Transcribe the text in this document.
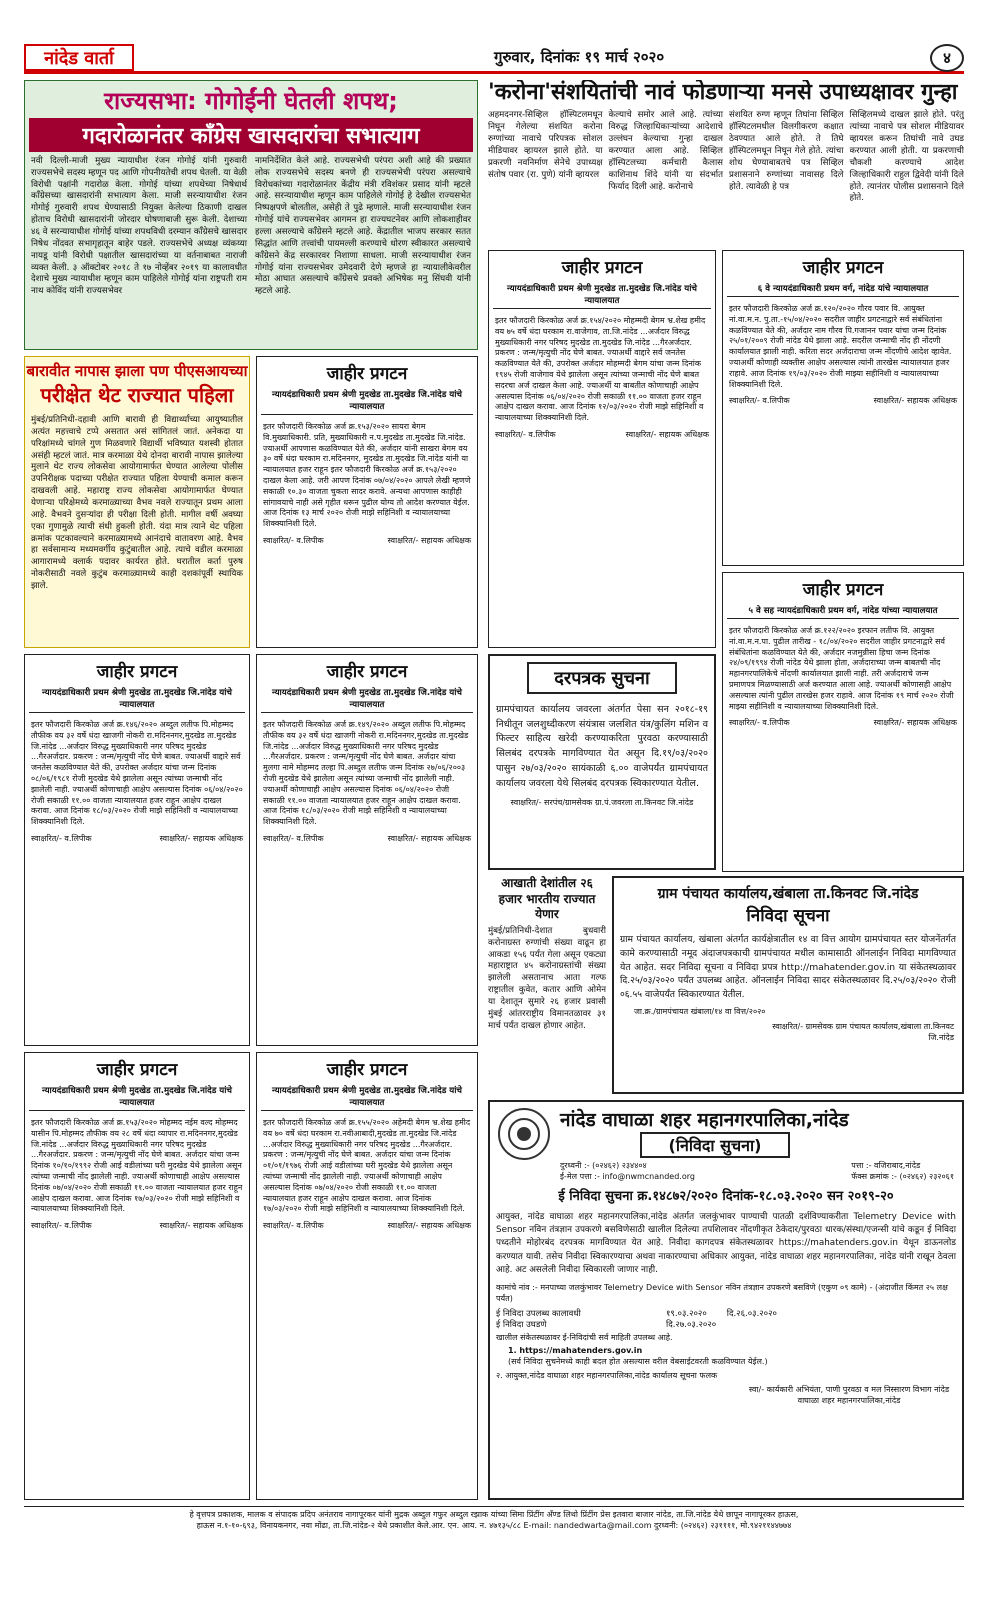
नांदेड वार्ता	गुरुवार, दिनांकः १९ मार्च २०२०	४
राज्यसभा: गोगोईंनी घेतली शपथ;
गदारोळानंतर काँग्रेस खासदारांचा सभात्याग

नवी दिल्ली-माजी मुख्य न्यायाधीश रंजन गोगोई यांनी गुरुवारी राज्यसभेचे सदस्य म्हणून पद आणि गोपनीयतेची शपथ घेतली. या वेळी विरोधी पक्षांनी गदारोळ केला. गोगोई यांच्या शपथेच्या निषेधार्थ काँग्रेसच्या खासदारांनी सभात्याग केला. माजी सरन्यायाधीश रंजन गोगोई गुरुवारी शपथ घेण्यासाठी नियुक्त केलेल्या ठिकाणी दाखल होताच विरोधी खासदारांनी जोरदार घोषणाबाजी सुरू केली. देशाच्या ४६ वे सरन्यायाधीश गोगोई यांच्या शपथविधी दरम्यान काँग्रेसचे खासदार निषेध नोंदवत सभागृहातून बाहेर पडले. राज्यसभेचे अध्यक्ष व्यंकय्या नायडू यांनी विरोधी पक्षातील खासदारांच्या या वर्तनाबाबत नाराजी व्यक्त केली. ३ ऑक्टोबर २०१८ ते १७ नोव्हेंबर २०१९ या कालावधीत देशाचे मुख्य न्यायाधीश म्हणून काम पाहिलेले गोगोई यांना राष्ट्रपती राम नाथ कोविंद यांनी राज्यसभेवर

नामनिर्देशित केले आहे. राज्यसभेची परंपरा अशी आहे की प्रख्यात लोक राज्यसभेचे सदस्य बनणे ही राज्यसभेची परंपरा असल्याचे विरोधकांच्या गदारोळानंतर केंद्रीय मंत्री रविशंकर प्रसाद यांनी म्हटले आहे. सरन्यायाधीश म्हणून काम पाहिलेले गोगोई हे देखील राज्यसभेत निष्पक्षपणे बोलतील, असेही ते पुढे म्हणाले. माजी सरन्यायाधीश रंजन गोगोई यांचे राज्यसभेवर आगमन हा राज्यघटनेवर आणि लोकशाहीवर हल्ला असल्याचे काँग्रेसने म्हटले आहे. केंद्रातील भाजप सरकार सतत सिद्धांत आणि तत्त्वांची पायमल्ली करण्याचे धोरण स्वीकारत असल्याचे काँग्रेसने केंद्र सरकारवर निशाणा साधला. माजी सरन्यायाधीश रंजन गोगोई यांना राज्यसभेवर उमेदवारी देणे म्हणजे हा न्यायालीकेवरील मोठा आघात असल्याचे काँग्रेसचे प्रवक्ते अभिषेक मनु सिंघवी यांनी म्हटले आहे.

'करोना'संशयितांची नावं फोडणाऱ्या मनसे उपाध्यक्षावर गुन्हा

अहमदनगर-सिव्हिल हॉस्पिटलमधून निघून गेलेल्या संशयित करोना रुग्णांच्या नावाचे परिपत्रक सोशल मीडियावर व्हायरल झाले होते. या प्रकरणी नवनिर्माण सेनेचे उपाध्यक्ष संतोष पवार (रा. पुणे) यांनी व्हायरल

केल्याचे समोर आले आहे. त्यांच्या विरुद्ध जिल्हाधिकाऱ्यांच्या आदेशाचे उल्लंघन केल्याचा गुन्हा दाखल करण्यात आला आहे. सिव्हिल हॉस्पिटलच्या कर्मचारी कैलास काशिनाथ शिंदे यांनी या संदर्भात फिर्याद दिली आहे. करोनाचे

संशयित रुग्ण म्हणून तिघांना सिव्हिल हॉस्पिटलमधील विलगीकरण कक्षात ठेवण्यात आले होते. ते तिघे हॉस्पिटलमधून निघून गेले होते. त्यांचा शोध घेण्याबाबतचे पत्र सिव्हिल प्रशासनाने रुग्णांच्या नावासह दिले होते. त्यावेळी हे पत्र

सिव्हिलमध्ये दाखल झाले होते. परंतु त्यांच्या नावाचे पत्र सोशल मीडियावर व्हायरल करून तिघांची नावे उघड करण्यात आली होती. या प्रकरणाची चौकशी करण्याचे आदेश जिल्हाधिकारी राहुल द्विवेदी यांनी दिले होते. त्यानंतर पोलीस प्रशासनाने दिले होते.

बारावीत नापास झाला पण पीएसआयच्या
परीक्षेत थेट राज्यात पहिला

मुंबई/प्रतिनिधी-दहावी आणि बारावी ही विद्यार्थ्यांच्या आयुष्यातील अत्यंत महत्त्वाचे टप्पे असतात असं सांगितलं जातं. अनेकदा या परिक्षांमध्ये चांगले गुण मिळवणारे विद्यार्थी भविष्यात यशस्वी होतात असंही म्हटलं जातं. मात्र करमाळा येथे दोनदा बारावी नापास झालेल्या मुलाने थेट राज्य लोकसेवा आयोगामार्फत घेण्यात आलेल्या पोलीस उपनिरीक्षक पदाच्या परीक्षेत राज्यात पहिला येण्याची कमाल करून दाखवली आहे. महाराष्ट्र राज्य लोकसेवा आयोगामार्फत घेण्यात येणाऱ्या परिक्षेमध्ये करमाळ्याच्या वैभव नवले राज्यातून प्रथम आला आहे. वैभवने दुसऱ्यांदा ही परीक्षा दिली होती. मागील वर्षी अवघ्या एका गुणामुळे त्याची संधी हुकली होती. यंदा मात्र त्याने थेट पहिला क्रमांक पटकावल्याने करमाळ्यामध्ये आनंदाचे वातावरण आहे. वैभव हा सर्वसामान्य मध्यमवर्गीय कुटुंबातील आहे. त्याचे वडील करमाळा आगारामध्ये क्लार्क पदावर कार्यरत होते. घरातील कर्ता पुरुष नोकरीसाठी नवले कुटुंब करमाळ्यामध्ये काही दशकांपूर्वी स्थायिक झाले.

जाहीर प्रगटन
न्यायदंडाधिकारी प्रथम श्रेणी मुदखेड ता.मुदखेड जि.नांदेड यांचे न्यायालयात

इतर फौजदारी किरकोळ अर्ज क्र.१५३/२०२० सायरा बेगम वि.मुख्याधिकारी. प्रति, मुख्याधिकारी न.प.मुदखेड ता.मुदखेड जि.नांदेड. ज्याअर्थी आपणास कळविण्यात येते की, अर्जदार यांनी साखरा बेगम वय ३० वर्षे धंदा घरकाम रा.मदिननगर, मुदखेड ता.मुदखेड जि.नांदेड यांनी या न्यायालयात हजर राहून इतर फौजदारी किरकोळ अर्ज क्र.१५३/२०२० दाखल केला आहे. जरी आपण दिनांक ०७/०४/२०२० आपले लेखी म्हणणे सकाळी १०.३० वाजता चुकता सादर करावे. अन्यथा आपणास काहीही सांगावयाचे नाही असे गृहीत धरून पुढील योग्य तो आदेश करण्यात येईल. आज दिनांक १३ मार्च २०२० रोजी माझे सहिनिशी व न्यायालयाच्या शिक्क्यानिशी दिले.

स्वाक्षरित/- व.लिपीक	स्वाक्षरित/- सहायक अधिक्षक
जाहीर प्रगटन
न्यायदंडाधिकारी प्रथम श्रेणी मुदखेड ता.मुदखेड जि.नांदेड यांचे न्यायालयात

इतर फौजदारी किरकोळ अर्ज क्र.१५४/२०२० मोहम्मदी बेगम भ्र.शेख हमीद वय ७५ वर्षे धंदा घरकाम रा.वाजेगाव, ता.जि.नांदेड ...अर्जदार विरुद्ध मुख्याधिकारी नगर परिषद मुदखेड ता.मुदखेड जि.नांदेड ...गैरअर्जदार. प्रकरण : जन्म/मृत्युची नोंद घेणे बाबत. ज्याअर्थी वाद्दारे सर्व जनतेस कळविण्यात येते की, उपरोक्त अर्जदार मोहम्मदी बेगम यांचा जन्म दिनांक १९४५ रोजी वाजेगाव येथे झालेला असून त्यांच्या जन्माची नोंद घेणे बाबत सदरचा अर्ज दाखल केला आहे. ज्याअर्थी या बाबतीत कोणाचाही आक्षेप असल्यास दिनांक ०६/०४/२०२० रोजी सकाळी ११.०० वाजता हजर राहून आक्षेप दाखल करावा. आज दिनांक १२/०३/२०२० रोजी माझे सहिनिशी व न्यायालयाच्या शिक्क्यानिशी दिले.

स्वाक्षरित/- व.लिपीक	स्वाक्षरित/- सहायक अधिक्षक
जाहीर प्रगटन
६ वे न्यायदंडाधिकारी प्रथम वर्ग, नांदेड यांचे न्यायालयात

इतर फौजदारी किरकोळ अर्ज क्र.१२०/२०२० गौरव पवार वि. आयुक्त नां.वा.म.न. पु.ता.-१५/०४/२०२० सदरील जाहीर प्रगटनाद्वारे सर्व संबंधितांना कळविण्यात येते की, अर्जदार नाम गौरव पि.गजानन पवार यांचा जन्म दिनांक २५/०१/२००९ रोजी नांदेड येथे झाला आहे. सदरील जन्माची नोंद ही नोंदणी कार्यालयात झाली नाही. करिता सदर अर्जदाराचा जन्म नोंदणीचे आदेश व्हावेत. ज्याअर्थी कोणाही व्यक्तीस आक्षेप असल्यास त्यांनी तारखेस न्यायालयात हजर राहावे. आज दिनांक १९/०३/२०२० रोजी माझ्या सहीनिशी व न्यायालयाच्या शिक्क्यानिशी दिले.

स्वाक्षरित/- व.लिपीक	स्वाक्षरित/- सहायक अधिक्षक
जाहीर प्रगटन
५ वे सह न्यायदंडाधिकारी प्रथम वर्ग, नांदेड यांच्या न्यायालयात

इतर फौजदारी किरकोळ अर्ज क्र.१२२/२०२० इरफान लतीफ वि. आयुक्त नां.वा.म.न.पा. पुढील तारीख - १८/०४/२०२० सदरील जाहीर प्रगटनाद्वारे सर्व संबंधितांना कळविण्यात येते की, अर्जदार नजमुन्नीसा हिचा जन्म दिनांक २४/०९/१९९४ रोजी नांदेड येथे झाला होता, अर्जदाराच्या जन्म बाबतची नोंद महानगरपालिकेचे नोंदणी कार्यालयात झाली नाही. तरी अर्जदाराचे जन्म प्रमाणपत्र मिळण्यासाठी अर्ज करण्यात आला आहे. ज्याअर्थी कोणासही आक्षेप असल्यास त्यांनी पुढील तारखेस हजर राहावे. आज दिनांक १९ मार्च २०२० रोजी माझ्या सहीनिशी व न्यायालयाच्या शिक्क्यानिशी दिले.

स्वाक्षरित/- व.लिपीक	स्वाक्षरित/- सहायक अधिक्षक
जाहीर प्रगटन
न्यायदंडाधिकारी प्रथम श्रेणी मुदखेड ता.मुदखेड जि.नांदेड यांचे न्यायालयात

इतर फौजदारी किरकोळ अर्ज क्र.१४६/२०२० अब्दुल लतीफ पि.मोहम्मद तौफीक वय ३२ वर्षे धंदा खाजगी नोकरी रा.मदिननगर,मुदखेड ता.मुदखेड जि.नांदेड ...अर्जदार विरुद्ध मुख्याधिकारी नगर परिषद मुदखेड ...गैरअर्जदार. प्रकरण : जन्म/मृत्युची नोंद घेणे बाबत. ज्याअर्थी वाद्दारे सर्व जनतेस कळविण्यात येते की, उपरोक्त अर्जदार यांचा जन्म दिनांक ०८/०६/१९८१ रोजी मुदखेड येथे झालेला असून त्यांच्या जन्माची नोंद झालेली नाही. ज्याअर्थी कोणाचाही आक्षेप असल्यास दिनांक ०६/०४/२०२० रोजी सकाळी ११.०० वाजता न्यायालयात हजर राहून आक्षेप दाखल करावा. आज दिनांक १८/०३/२०२० रोजी माझे सहिनिशी व न्यायालयाच्या शिक्क्यानिशी दिले.

स्वाक्षरित/- व.लिपीक	स्वाक्षरित/- सहायक अधिक्षक
जाहीर प्रगटन
न्यायदंडाधिकारी प्रथम श्रेणी मुदखेड ता.मुदखेड जि.नांदेड यांचे न्यायालयात

इतर फौजदारी किरकोळ अर्ज क्र.१४९/२०२० अब्दुल लतीफ पि.मोहम्मद तौफीक वय ३२ वर्षे धंदा खाजगी नोकरी रा.मदिननगर,मुदखेड ता.मुदखेड जि.नांदेड ...अर्जदार विरुद्ध मुख्याधिकारी नगर परिषद मुदखेड ...गैरअर्जदार. प्रकरण : जन्म/मृत्युची नोंद घेणे बाबत. अर्जदार यांचा मुलगा नामे मोहम्मद तल्हा पि.अब्दुल लतीफ जन्म दिनांक २७/०६/२००३ रोजी मुदखेड येथे झालेला असून त्यांच्या जन्माची नोंद झालेली नाही. ज्याअर्थी कोणाचाही आक्षेप असल्यास दिनांक ०६/०४/२०२० रोजी सकाळी ११.०० वाजता न्यायालयात हजर राहून आक्षेप दाखल करावा. आज दिनांक १८/०३/२०२० रोजी माझे सहिनिशी व न्यायालयाच्या शिक्क्यानिशी दिले.

स्वाक्षरित/- व.लिपीक	स्वाक्षरित/- सहायक अधिक्षक
दरपत्रक सुचना

ग्रामपंचायत कार्यालय जवरला अंतर्गत पेसा सन २०१८-१९ निधीतून जलशुध्दीकरण संयंत्रास जलशित यंत्र/कुलिंग मशिन व फिल्टर साहित्य खरेदी करण्याकरिता पुरवठा करण्यासाठी सिलबंद दरपत्रके मागविण्यात येत असून दि.१९/०३/२०२० पासुन २७/०३/२०२० सायंकाळी ६.०० वाजेपर्यंत ग्रामपंचायत कार्यालय जवरला येथे सिलबंद दरपत्रक स्विकारण्यात येतील.

स्वाक्षरित/- सरपंच/ग्रामसेवक ग्रा.पं.जवरला ता.किनवट जि.नांदेड

आखाती देशांतील २६ हजार भारतीय राज्यात येणार

मुंबई/प्रतिनिधी-देशात बुधवारी करोनाग्रस्त रुग्णांची संख्या वाढून हा आकडा १५६ पर्यंत गेला असून एकट्या महाराष्ट्रात ४५ करोनाग्रस्तांची संख्या झालेली असतानाच आता गल्फ राष्ट्रातील कुवेत, कतार आणि ओमेन या देशातून सुमारे २६ हजार प्रवासी मुंबई आंतरराष्ट्रीय विमानतळावर ३१ मार्च पर्यंत दाखल होणार आहेत.

ग्राम पंचायत कार्यालय,खंबाला ता.किनवट जि.नांदेड
निविदा सूचना

ग्राम पंचायत कार्यालय, खंबाला अंतर्गत कार्यक्षेत्रातील १४ वा वित्त आयोग ग्रामपंचायत स्तर योजनेंतर्गत कामे करण्यासाठी नमूद अंदाजपत्रकाची ग्रामपंचायत मधील कामासाठी ऑनलाईन निविदा मागविण्यात येत आहेत. सदर निविदा सूचना व निविदा प्रपत्र http://mahatender.gov.in या संकेतस्थळावर दि.२५/०३/२०२० पर्यंत उपलब्ध आहेत. ऑनलाईन निविदा सादर संकेतस्थळावर दि.२५/०३/२०२० रोजी ०६.५५ वाजेपर्यंत स्विकारण्यात येतील.

जा.क्र./ग्रामपंचायत खंबाला/१४ वा वित्त/२०२०

स्वाक्षरित/- ग्रामसेवक ग्राम पंचायत कार्यालय,खंबाला ता.किनवट जि.नांदेड

जाहीर प्रगटन
न्यायदंडाधिकारी प्रथम श्रेणी मुदखेड ता.मुदखेड जि.नांदेड यांचे न्यायालयात

इतर फौजदारी किरकोळ अर्ज क्र.१५३/२०२० मोहम्मद नईम वल्द मोहम्मद यासीन पि.मोहम्मद तौफीक वय २८ वर्षे धंदा व्यापार रा.मदिननगर,मुदखेड जि.नांदेड ...अर्जदार विरुद्ध मुख्याधिकारी नगर परिषद मुदखेड ...गैरअर्जदार. प्रकरण : जन्म/मृत्युची नोंद घेणे बाबत. अर्जदार यांचा जन्म दिनांक १०/१०/१९९२ रोजी आई वडीलांच्या घरी मुदखेड येथे झालेला असून त्यांच्या जन्माची नोंद झालेली नाही. ज्याअर्थी कोणाचाही आक्षेप असल्यास दिनांक ०७/०४/२०२० रोजी सकाळी ११.०० वाजता न्यायालयात हजर राहून आक्षेप दाखल करावा. आज दिनांक १७/०३/२०२० रोजी माझे सहिनिशी व न्यायालयाच्या शिक्क्यानिशी दिले.

स्वाक्षरित/- व.लिपीक	स्वाक्षरित/- सहायक अधिक्षक
जाहीर प्रगटन
न्यायदंडाधिकारी प्रथम श्रेणी मुदखेड ता.मुदखेड जि.नांदेड यांचे न्यायालयात

इतर फौजदारी किरकोळ अर्ज क्र.१५५/२०२० अहेमदी बेगम भ्र.शेख हमीद वय ७० वर्षे धंदा घरकाम रा.नवीआबादी,मुदखेड ता.मुदखेड जि.नांदेड ...अर्जदार विरुद्ध मुख्याधिकारी नगर परिषद मुदखेड ...गैरअर्जदार. प्रकरण : जन्म/मृत्युची नोंद घेणे बाबत. अर्जदार यांचा जन्म दिनांक ०१/०१/१९७६ रोजी आई वडीलांच्या घरी मुदखेड येथे झालेला असून त्यांच्या जन्माची नोंद झालेली नाही. ज्याअर्थी कोणाचाही आक्षेप असल्यास दिनांक ०७/०४/२०२० रोजी सकाळी ११.०० वाजता न्यायालयात हजर राहून आक्षेप दाखल करावा. आज दिनांक १७/०३/२०२० रोजी माझे सहिनिशी व न्यायालयाच्या शिक्क्यानिशी दिले.

स्वाक्षरित/- व.लिपीक	स्वाक्षरित/- सहायक अधिक्षक
नांदेड वाघाळा शहर महानगरपालिका,नांदेड
(निविदा सुचना)
दुरध्वनी :- (०२४६२) २३४४०४
ई-मेल पत्ता :- info@nwmcnanded.org
पत्ता :- वजिराबाद,नांदेड
फॅक्स क्रमांक :- (०२४६२) २३२०६१
ई निविदा सुचना क्र.१४८७२/२०२० दिनांक-१८.०३.२०२० सन २०१९-२०

आयुक्त, नांदेड वाघाळा शहर महानगरपालिका,नांदेड अंतर्गत जलकुंभावर पाण्याची पातळी दर्शविण्याकरीता Telemetry Device with Sensor नविन तंत्रज्ञान उपकरणे बसविणेसाठी खालील दिलेल्या तपशिलावर नोंदणीकृत ठेकेदार/पुरवठा धारक/संस्था/एजन्सी यांचे कडून ई निविदा पध्दतीने मोहोरबंद दरपत्रक मागविण्यात येत आहे. निवीदा कागदपत्र संकेतस्थळावर https://mahatenders.gov.in येथून डाऊनलोड करण्यात यावी. तसेच निवीदा स्विकारण्याचा अथवा नाकारण्याचा अधिकार आयुक्त, नांदेड वाघाळा शहर महानगरपालिका, नांदेड यांनी राखून ठेवला आहे. अट असलेली निवीदा स्विकारली जाणार नाही.

कामांचे नांव :- मनपाच्या जलकुंभावर Telemetry Device with Sensor नविन तंत्रज्ञान उपकरणे बसविणे (एकुण ०९ कामे) - (अंदाजीत किंमत २५ लक्ष पर्यंत)

ई निविदा उपलब्ध कालावधी	१९.०३.२०२० दि.२६.०३.२०२०
ई निविदा उघडणे	दि.२७.०३.२०२०

खालील संकेतस्थळावर ई-निविदांची सर्व माहिती उपलब्ध आहे.

1. https://mahatenders.gov.in

(सर्व निविदा सुचनेमध्ये काही बदल होत असल्यास वरील वेबसाईटवरती कळविण्यात येईल.)

२. आयुक्त,नांदेड वाघाळा शहर महानगरपालिका,नांदेड कार्यालय सूचना फलक

स्वा/- कार्यकारी अभियंता, पाणी पुरवठा व मल निस्सारण विभाग नांदेड वाघाळा शहर महानगरपालिका,नांदेड

हे वृत्तपत्र प्रकाशक, मालक व संपादक प्रदिप अनंतराव नागापूरकर यांनी मुद्रक अब्दुल गफुर अब्दुल रझाक यांच्या सिमा प्रिंटींग अँण्ड लिथो प्रिंटींग प्रेस इतवारा बाजार नांदेड, ता.जि.नांदेड येथे छापून नागापूरकर हाऊस,
हाऊस न.१-१०-६९३, विनायकनगर, नवा मोंढा, ता.जि.नांदेड-२ येथे प्रकाशीत केले.आर. एन. आय. न. ४७१३५/८८ E-mail: nandedwarta@mail.com दुरध्वनी: (०२४६२) २३११११, मो.९४२११४४७७४
